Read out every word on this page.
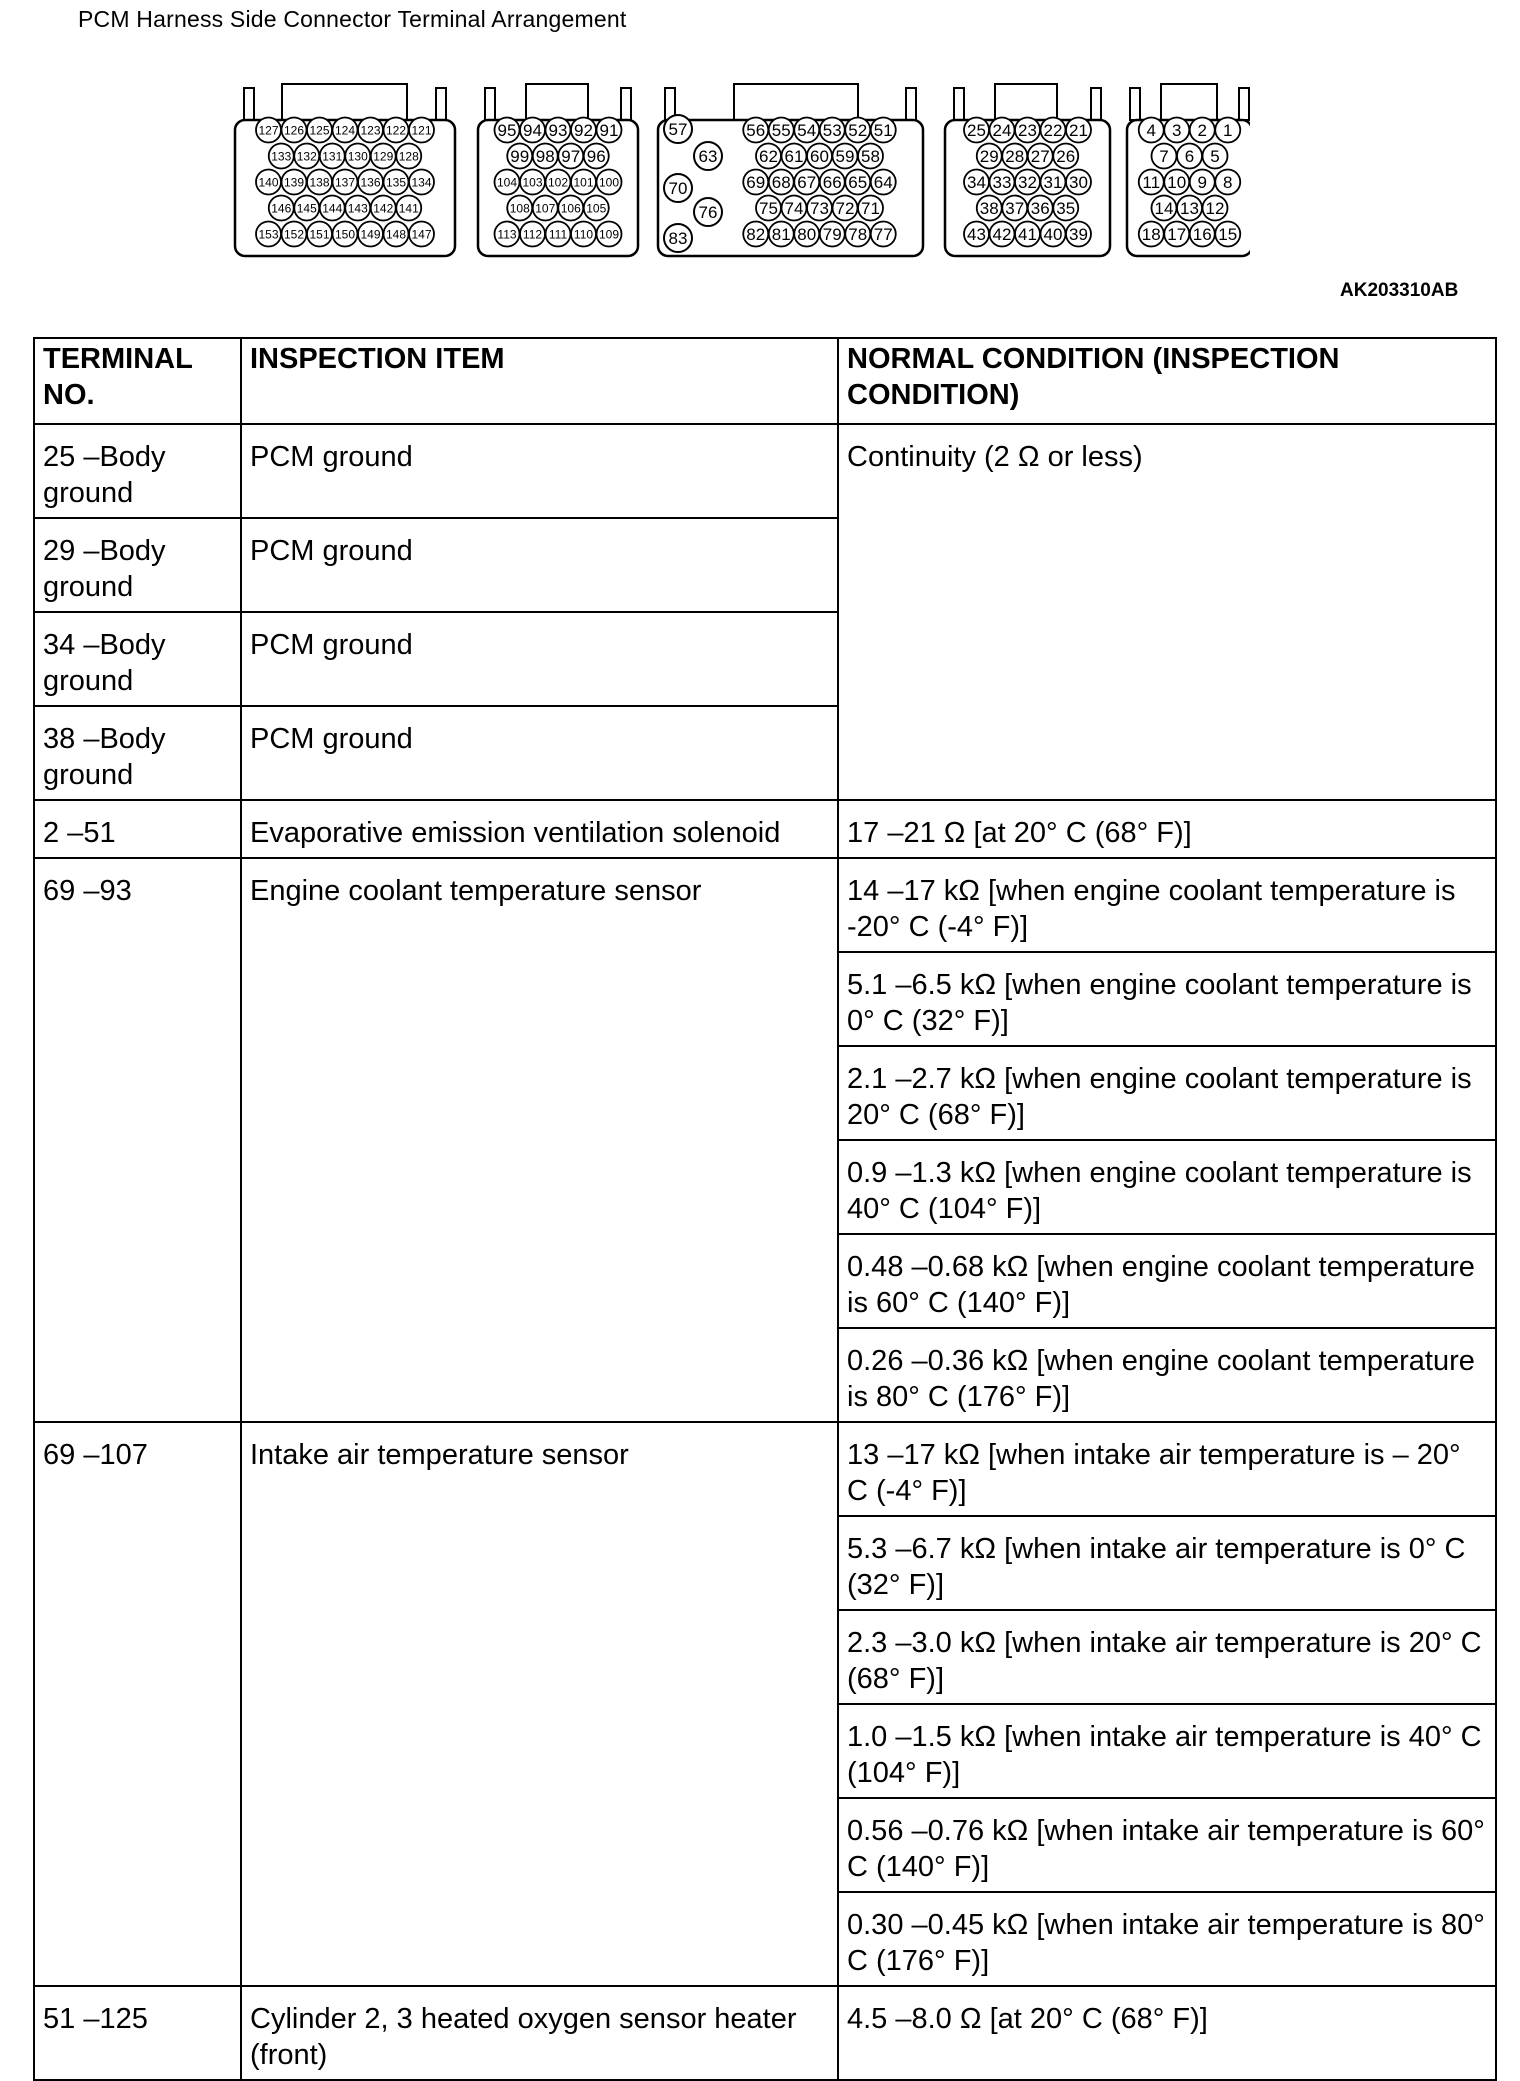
PCM Harness Side Connector Terminal Arrangement
127 126 125 124 123 122 121
133 132 131 130 129 128
140 139 138 137 136 135 134
146 145 144 143 142 141
153 152 151 150 149 148 147
95 94 93 92 91
99 98 97 96
104 103 102 101 100
108 107 106 105
113 112 111 110 109
57
63
70
76
83
56 55 54 53 52 51
62 61 60 59 58
69 68 67 66 65 64
75 74 73 72 71
82 81 80 79 78 77
25 24 23 22 21
29 28 27 26
34 33 32 31 30
38 37 36 35
43 42 41 40 39
4 3 2 1
7 6 5
11 10 9 8
14 13 12
18 17 16 15
AK203310AB
TERMINAL NO.	INSPECTION ITEM	NORMAL CONDITION (INSPECTION CONDITION)
25 –Body ground	PCM ground	Continuity (2 Ω or less)
29 –Body ground	PCM ground	
34 –Body ground	PCM ground	
38 –Body ground	PCM ground	
2 –51	Evaporative emission ventilation solenoid	17 –21 Ω [at 20° C (68° F)]
69 –93	Engine coolant temperature sensor	14 –17 kΩ [when engine coolant temperature is -20° C (-4° F)]
		5.1 –6.5 kΩ [when engine coolant temperature is 0° C (32° F)]
		2.1 –2.7 kΩ [when engine coolant temperature is 20° C (68° F)]
		0.9 –1.3 kΩ [when engine coolant temperature is 40° C (104° F)]
		0.48 –0.68 kΩ [when engine coolant temperature is 60° C (140° F)]
		0.26 –0.36 kΩ [when engine coolant temperature is 80° C (176° F)]
69 –107	Intake air temperature sensor	13 –17 kΩ [when intake air temperature is – 20° C (-4° F)]
		5.3 –6.7 kΩ [when intake air temperature is 0° C (32° F)]
		2.3 –3.0 kΩ [when intake air temperature is 20° C (68° F)]
		1.0 –1.5 kΩ [when intake air temperature is 40° C (104° F)]
		0.56 –0.76 kΩ [when intake air temperature is 60° C (140° F)]
		0.30 –0.45 kΩ [when intake air temperature is 80° C (176° F)]
51 –125	Cylinder 2, 3 heated oxygen sensor heater (front)	4.5 –8.0 Ω [at 20° C (68° F)]
